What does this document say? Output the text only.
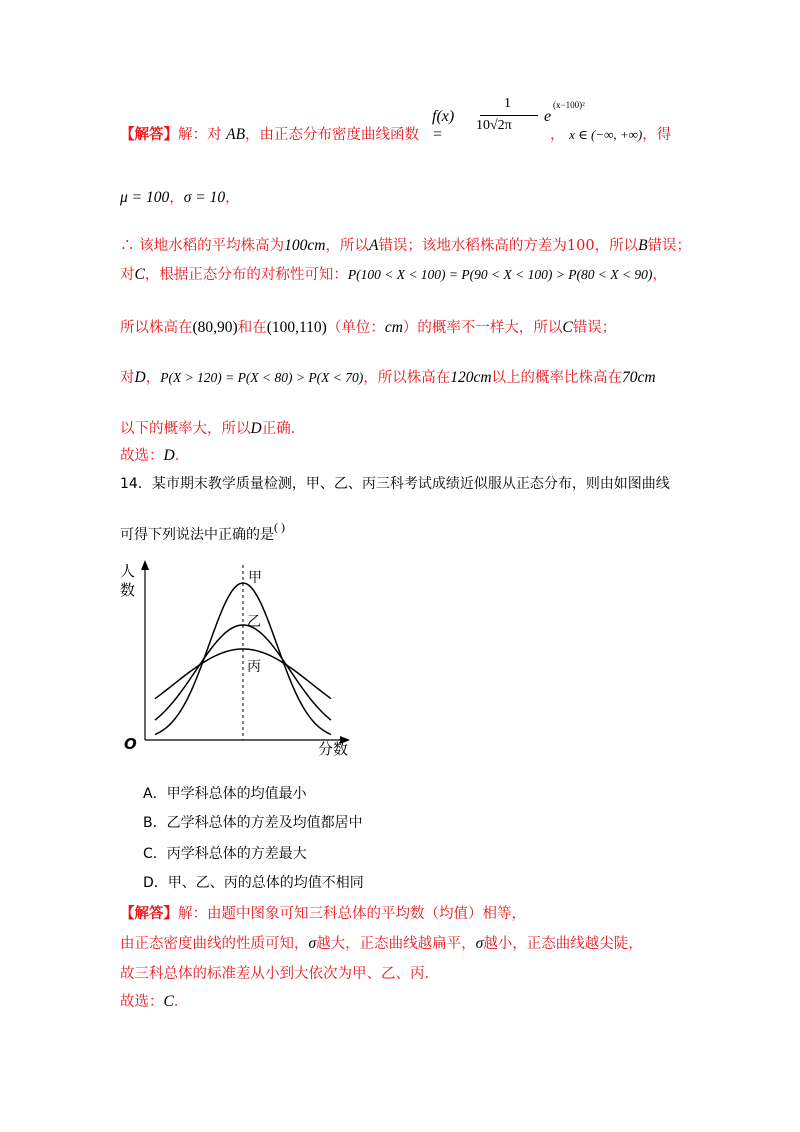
【解答】解：对 AB，由正态分布密度曲线函数
f(x) =
1
10√2π
e
(x−100)²
， x ∈ (−∞, +∞)，得
μ = 100，σ = 10，
∴ 该地水稻的平均株高为100cm，所以A错误；该地水稻株高的方差为100，所以B错误；
对C，根据正态分布的对称性可知：P(100 < X < 100) = P(90 < X < 100) > P(80 < X < 90)，
所以株高在(80,90)和在(100,110)（单位：cm）的概率不一样大，所以C错误；
对D，P(X > 120) = P(X < 80) > P(X < 70)，所以株高在120cm以上的概率比株高在70cm
以下的概率大，所以D正确．
故选：D．
14．某市期末教学质量检测，甲、乙、丙三科考试成绩近似服从正态分布，则由如图曲线
可得下列说法中正确的是( )
人
数
分数
O
甲
乙
丙
A．甲学科总体的均值最小
B．乙学科总体的方差及均值都居中
C．丙学科总体的方差最大
D．甲、乙、丙的总体的均值不相同
【解答】解：由题中图象可知三科总体的平均数（均值）相等，
由正态密度曲线的性质可知，σ越大，正态曲线越扁平，σ越小，正态曲线越尖陡，
故三科总体的标准差从小到大依次为甲、乙、丙．
故选：C．
